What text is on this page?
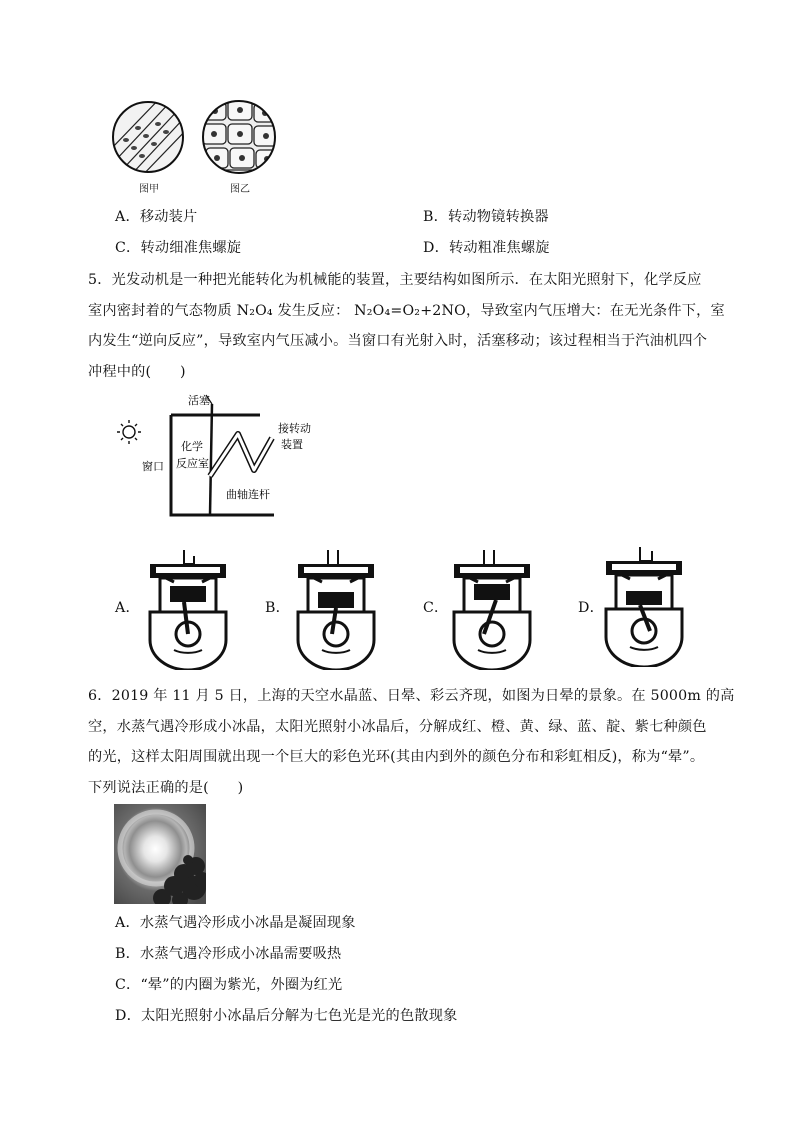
图甲	图乙
A．移动装片	B．转动物镜转换器
C．转动细准焦螺旋	D．转动粗准焦螺旋
5．光发动机是一种把光能转化为机械能的装置，主要结构如图所示．在太阳光照射下，化学反应
室内密封着的气态物质 N₂O₄ 发生反应： N₂O₄=O₂+2NO，导致室内气压增大：在无光条件下，室
内发生“逆向反应”，导致室内气压减小。当窗口有光射入时，活塞移动；该过程相当于汽油机四个
冲程中的(　　)
活塞
窗口
化学
反应室
接转动
装置
曲轴连杆
A．	B．	C．	D．
6．2019 年 11 月 5 日，上海的天空水晶蓝、日晕、彩云齐现，如图为日晕的景象。在 5000m 的高
空，水蒸气遇冷形成小冰晶，太阳光照射小冰晶后，分解成红、橙、黄、绿、蓝、靛、紫七种颜色
的光，这样太阳周围就出现一个巨大的彩色光环(其由内到外的颜色分布和彩虹相反)，称为“晕”。
下列说法正确的是(　　)
A．水蒸气遇冷形成小冰晶是凝固现象
B．水蒸气遇冷形成小冰晶需要吸热
C．“晕”的内圈为紫光，外圈为红光
D．太阳光照射小冰晶后分解为七色光是光的色散现象
